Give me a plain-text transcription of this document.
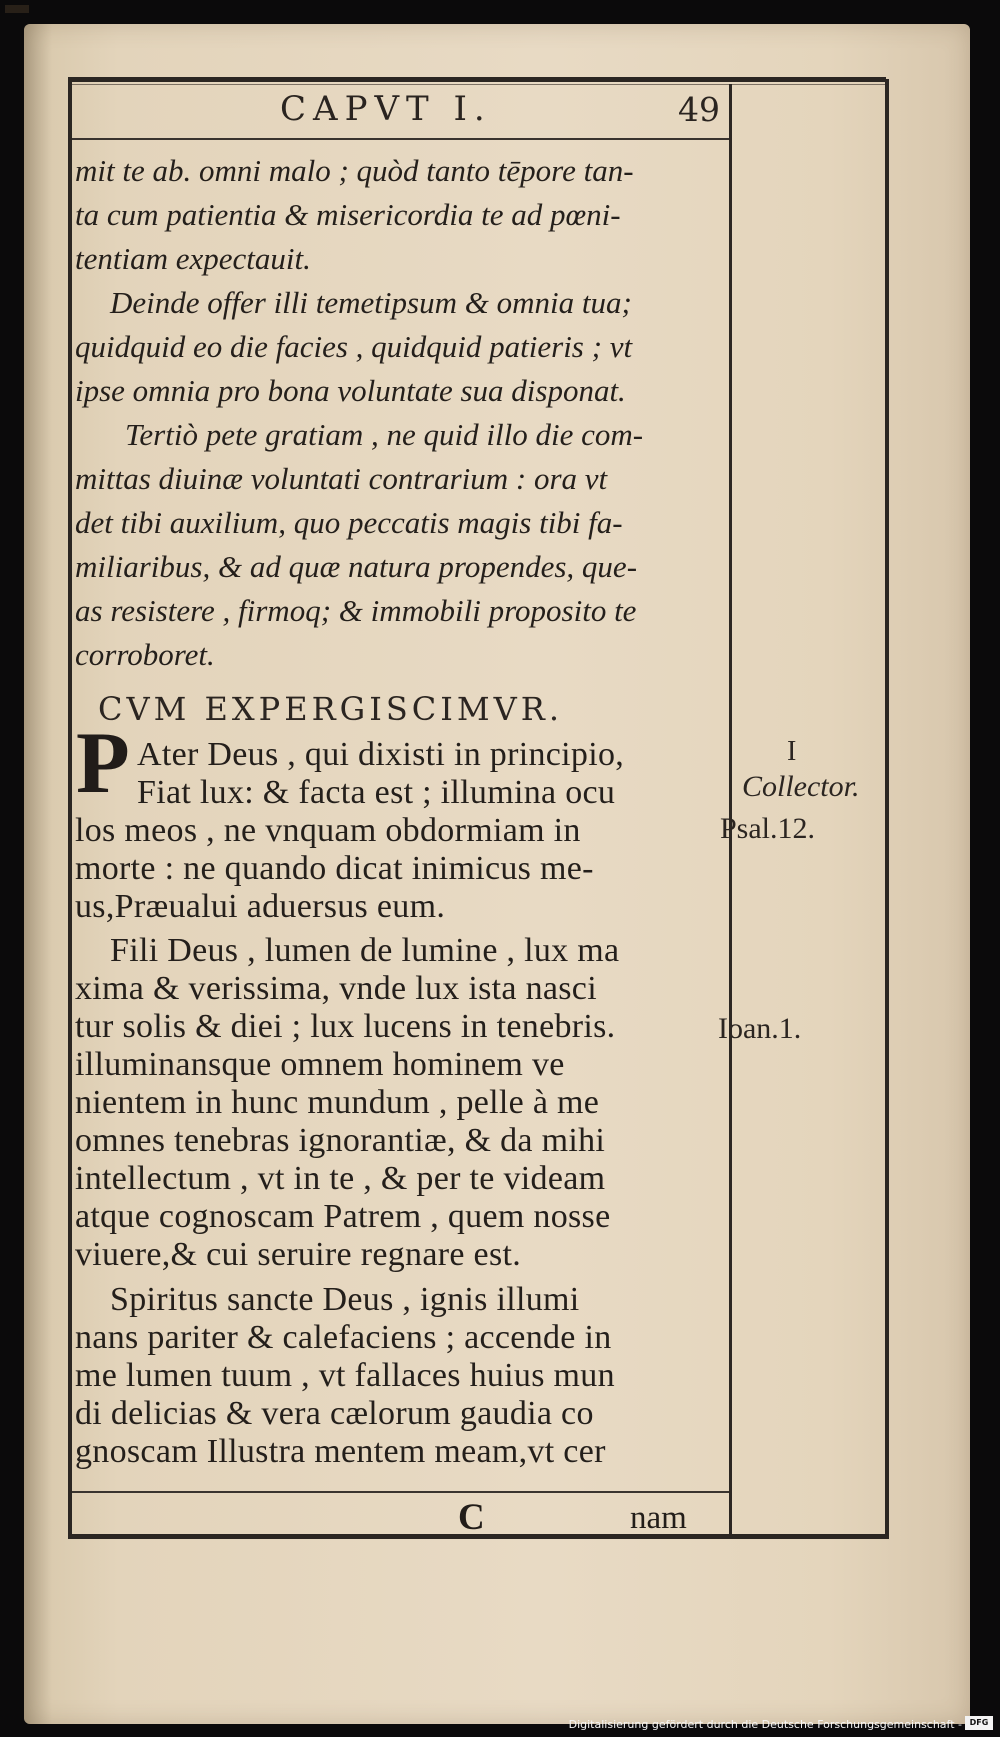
CAPVT I.	49
mit te ab. omni malo ; quòd tanto tēpore tan-
ta cum patientia & misericordia te ad pœni-
tentiam expectauit.
Deinde offer illi temetipsum & omnia tua;
quidquid eo die facies , quidquid patieris ; vt
ipse omnia pro bona voluntate sua disponat.
Tertiò pete gratiam , ne quid illo die com-
mittas diuinæ voluntati contrarium : ora vt
det tibi auxilium, quo peccatis magis tibi fa-
miliaribus, & ad quæ natura propendes, que-
as resistere , firmoq; & immobili proposito te
corroboret.
CVM EXPERGISCIMVR.
P Ater Deus , qui dixisti in principio,
Fiat lux: & facta est ; illumina ocu
los meos , ne vnquam obdormiam in
morte : ne quando dicat inimicus me-
us,Præualui aduersus eum.
Fili Deus , lumen de lumine , lux ma
xima & verissima, vnde lux ista nasci
tur solis & diei ; lux lucens in tenebris.
illuminansque omnem hominem ve
nientem in hunc mundum , pelle à me
omnes tenebras ignorantiæ, & da mihi
intellectum , vt in te , & per te videam
atque cognoscam Patrem , quem nosse
viuere,& cui seruire regnare est.
Spiritus sancte Deus , ignis illumi
nans pariter & calefaciens ; accende in
me lumen tuum , vt fallaces huius mun
di delicias & vera cælorum gaudia co
gnoscam Illustra mentem meam,vt cer
I
Collector.
Psal.12.
Ioan.1.
C	nam
Digitalisierung gefördert durch die Deutsche Forschungsgemeinschaft - DFG
